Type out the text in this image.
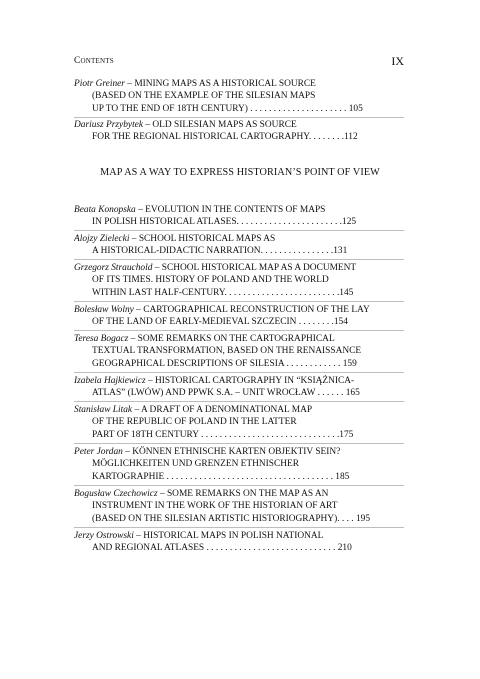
Contents	IX
Piotr Greiner – MINING MAPS AS A HISTORICAL SOURCE
(BASED ON THE EXAMPLE OF THE SILESIAN MAPS
UP TO THE END OF 18TH CENTURY) . . . . . . . . . . . . . . . . . . . . . 105
Dariusz Przybytek – OLD SILESIAN MAPS AS SOURCE
FOR THE REGIONAL HISTORICAL CARTOGRAPHY. . . . . . . .112
MAP AS A WAY TO EXPRESS HISTORIAN’S POINT OF VIEW
Beata Konopska – EVOLUTION IN THE CONTENTS OF MAPS
IN POLISH HISTORICAL ATLASES. . . . . . . . . . . . . . . . . . . . . . .125
Alojzy Zielecki – SCHOOL HISTORICAL MAPS AS
A HISTORICAL-DIDACTIC NARRATION. . . . . . . . . . . . . . . .131
Grzegorz Strauchold – SCHOOL HISTORICAL MAP AS A DOCUMENT
OF ITS TIMES. HISTORY OF POLAND AND THE WORLD
WITHIN LAST HALF-CENTURY. . . . . . . . . . . . . . . . . . . . . . . . .145
Bolesław Wolny – CARTOGRAPHICAL RECONSTRUCTION OF THE LAY
OF THE LAND OF EARLY-MEDIEVAL SZCZECIN . . . . . . . .154
Teresa Bogacz – SOME REMARKS ON THE CARTOGRAPHICAL
TEXTUAL TRANSFORMATION, BASED ON THE RENAISSANCE
GEOGRAPHICAL DESCRIPTIONS OF SILESIA . . . . . . . . . . . . 159
Izabela Hajkiewicz – HISTORICAL CARTOGRAPHY IN “KSIĄŻNICA-
ATLAS” (LWÓW) AND PPWK S.A. – UNIT WROCŁAW . . . . . . 165
Stanisław Litak – A DRAFT OF A DENOMINATIONAL MAP
OF THE REPUBLIC OF POLAND IN THE LATTER
PART OF 18TH CENTURY . . . . . . . . . . . . . . . . . . . . . . . . . . . . . .175
Peter Jordan – KÖNNEN ETHNISCHE KARTEN OBJEKTIV SEIN?
MÖGLICHKEITEN UND GRENZEN ETHNISCHER
KARTOGRAPHIE . . . . . . . . . . . . . . . . . . . . . . . . . . . . . . . . . . . . 185
Bogusław Czechowicz – SOME REMARKS ON THE MAP AS AN
INSTRUMENT IN THE WORK OF THE HISTORIAN OF ART
(BASED ON THE SILESIAN ARTISTIC HISTORIOGRAPHY). . . . 195
Jerzy Ostrowski – HISTORICAL MAPS IN POLISH NATIONAL
AND REGIONAL ATLASES . . . . . . . . . . . . . . . . . . . . . . . . . . . . 210
